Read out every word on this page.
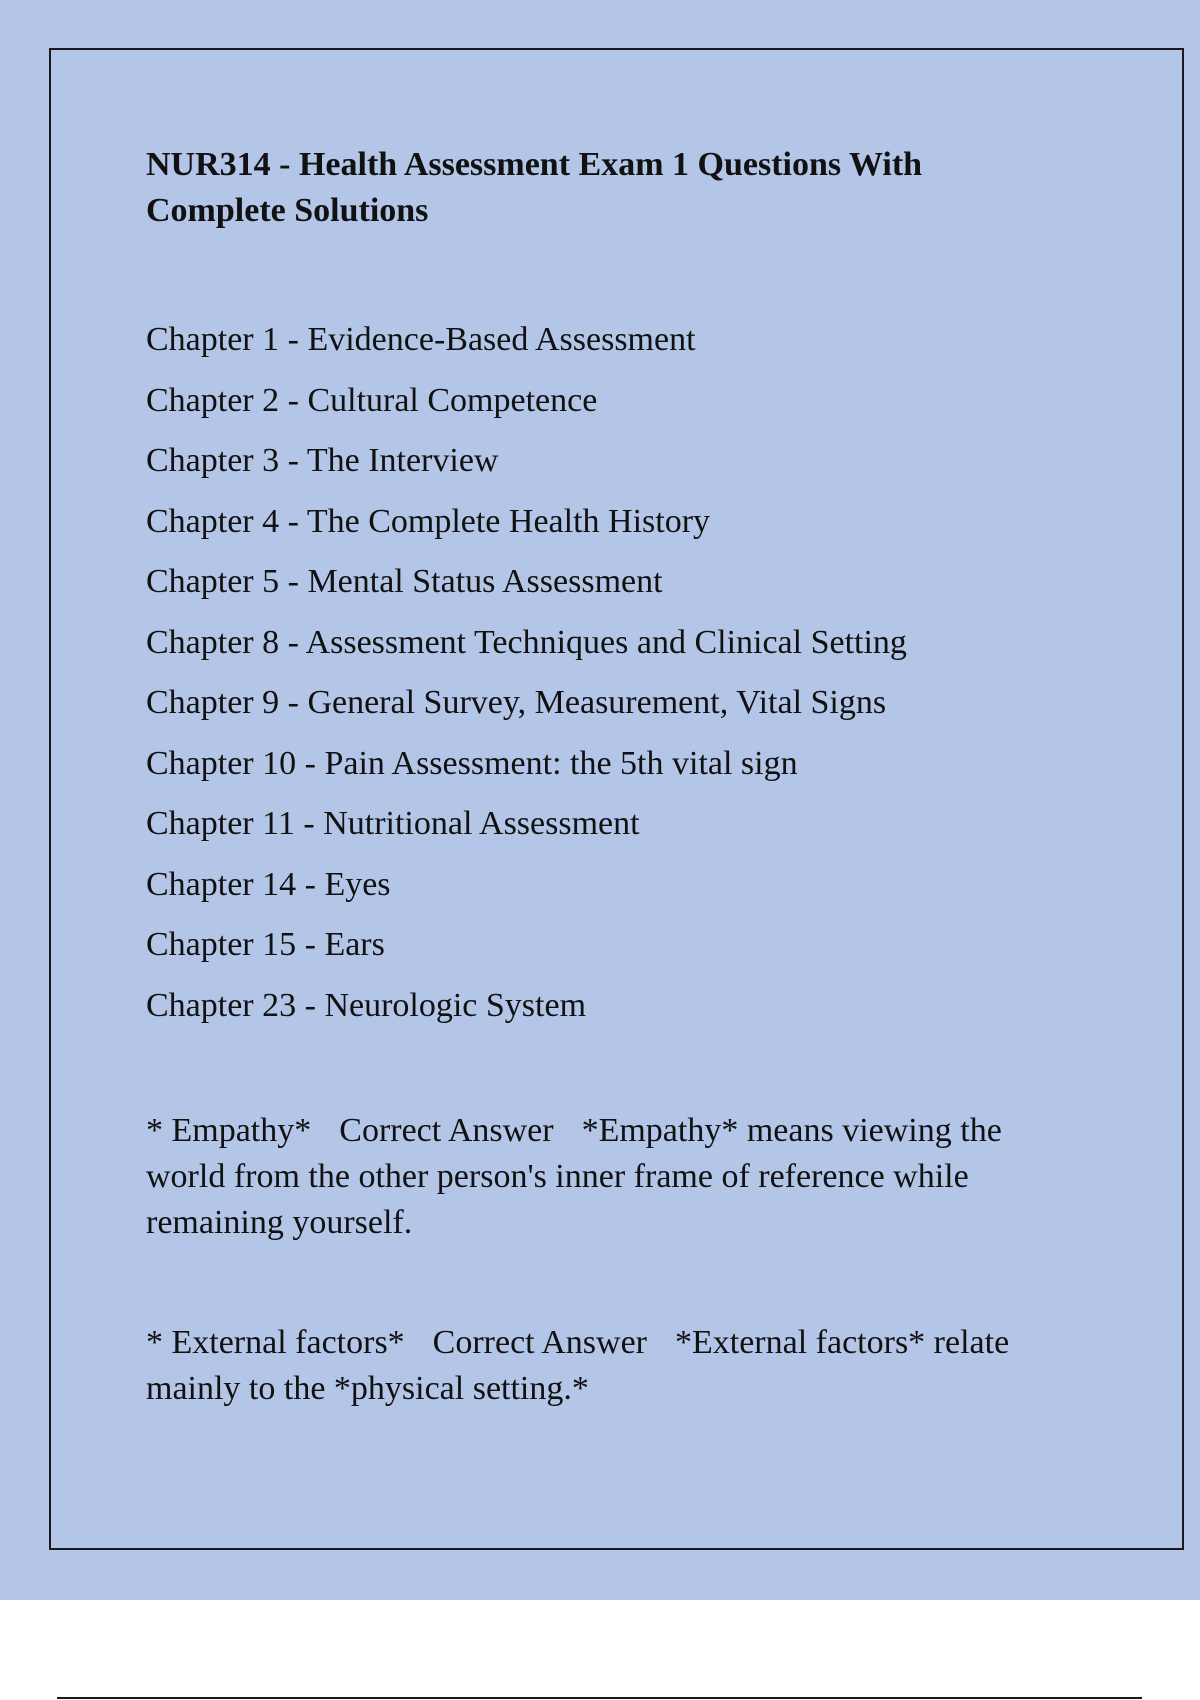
NUR314 - Health Assessment Exam 1 Questions With Complete Solutions
Chapter 1 - Evidence-Based Assessment
Chapter 2 - Cultural Competence
Chapter 3 - The Interview
Chapter 4 - The Complete Health History
Chapter 5 - Mental Status Assessment
Chapter 8 - Assessment Techniques and Clinical Setting
Chapter 9 - General Survey, Measurement, Vital Signs
Chapter 10 - Pain Assessment: the 5th vital sign
Chapter 11 - Nutritional Assessment
Chapter 14 - Eyes
Chapter 15 - Ears
Chapter 23 - Neurologic System

* Empathy* Correct Answer *Empathy* means viewing the world from the other person's inner frame of reference while remaining yourself.

* External factors* Correct Answer *External factors* relate mainly to the *physical setting.*
